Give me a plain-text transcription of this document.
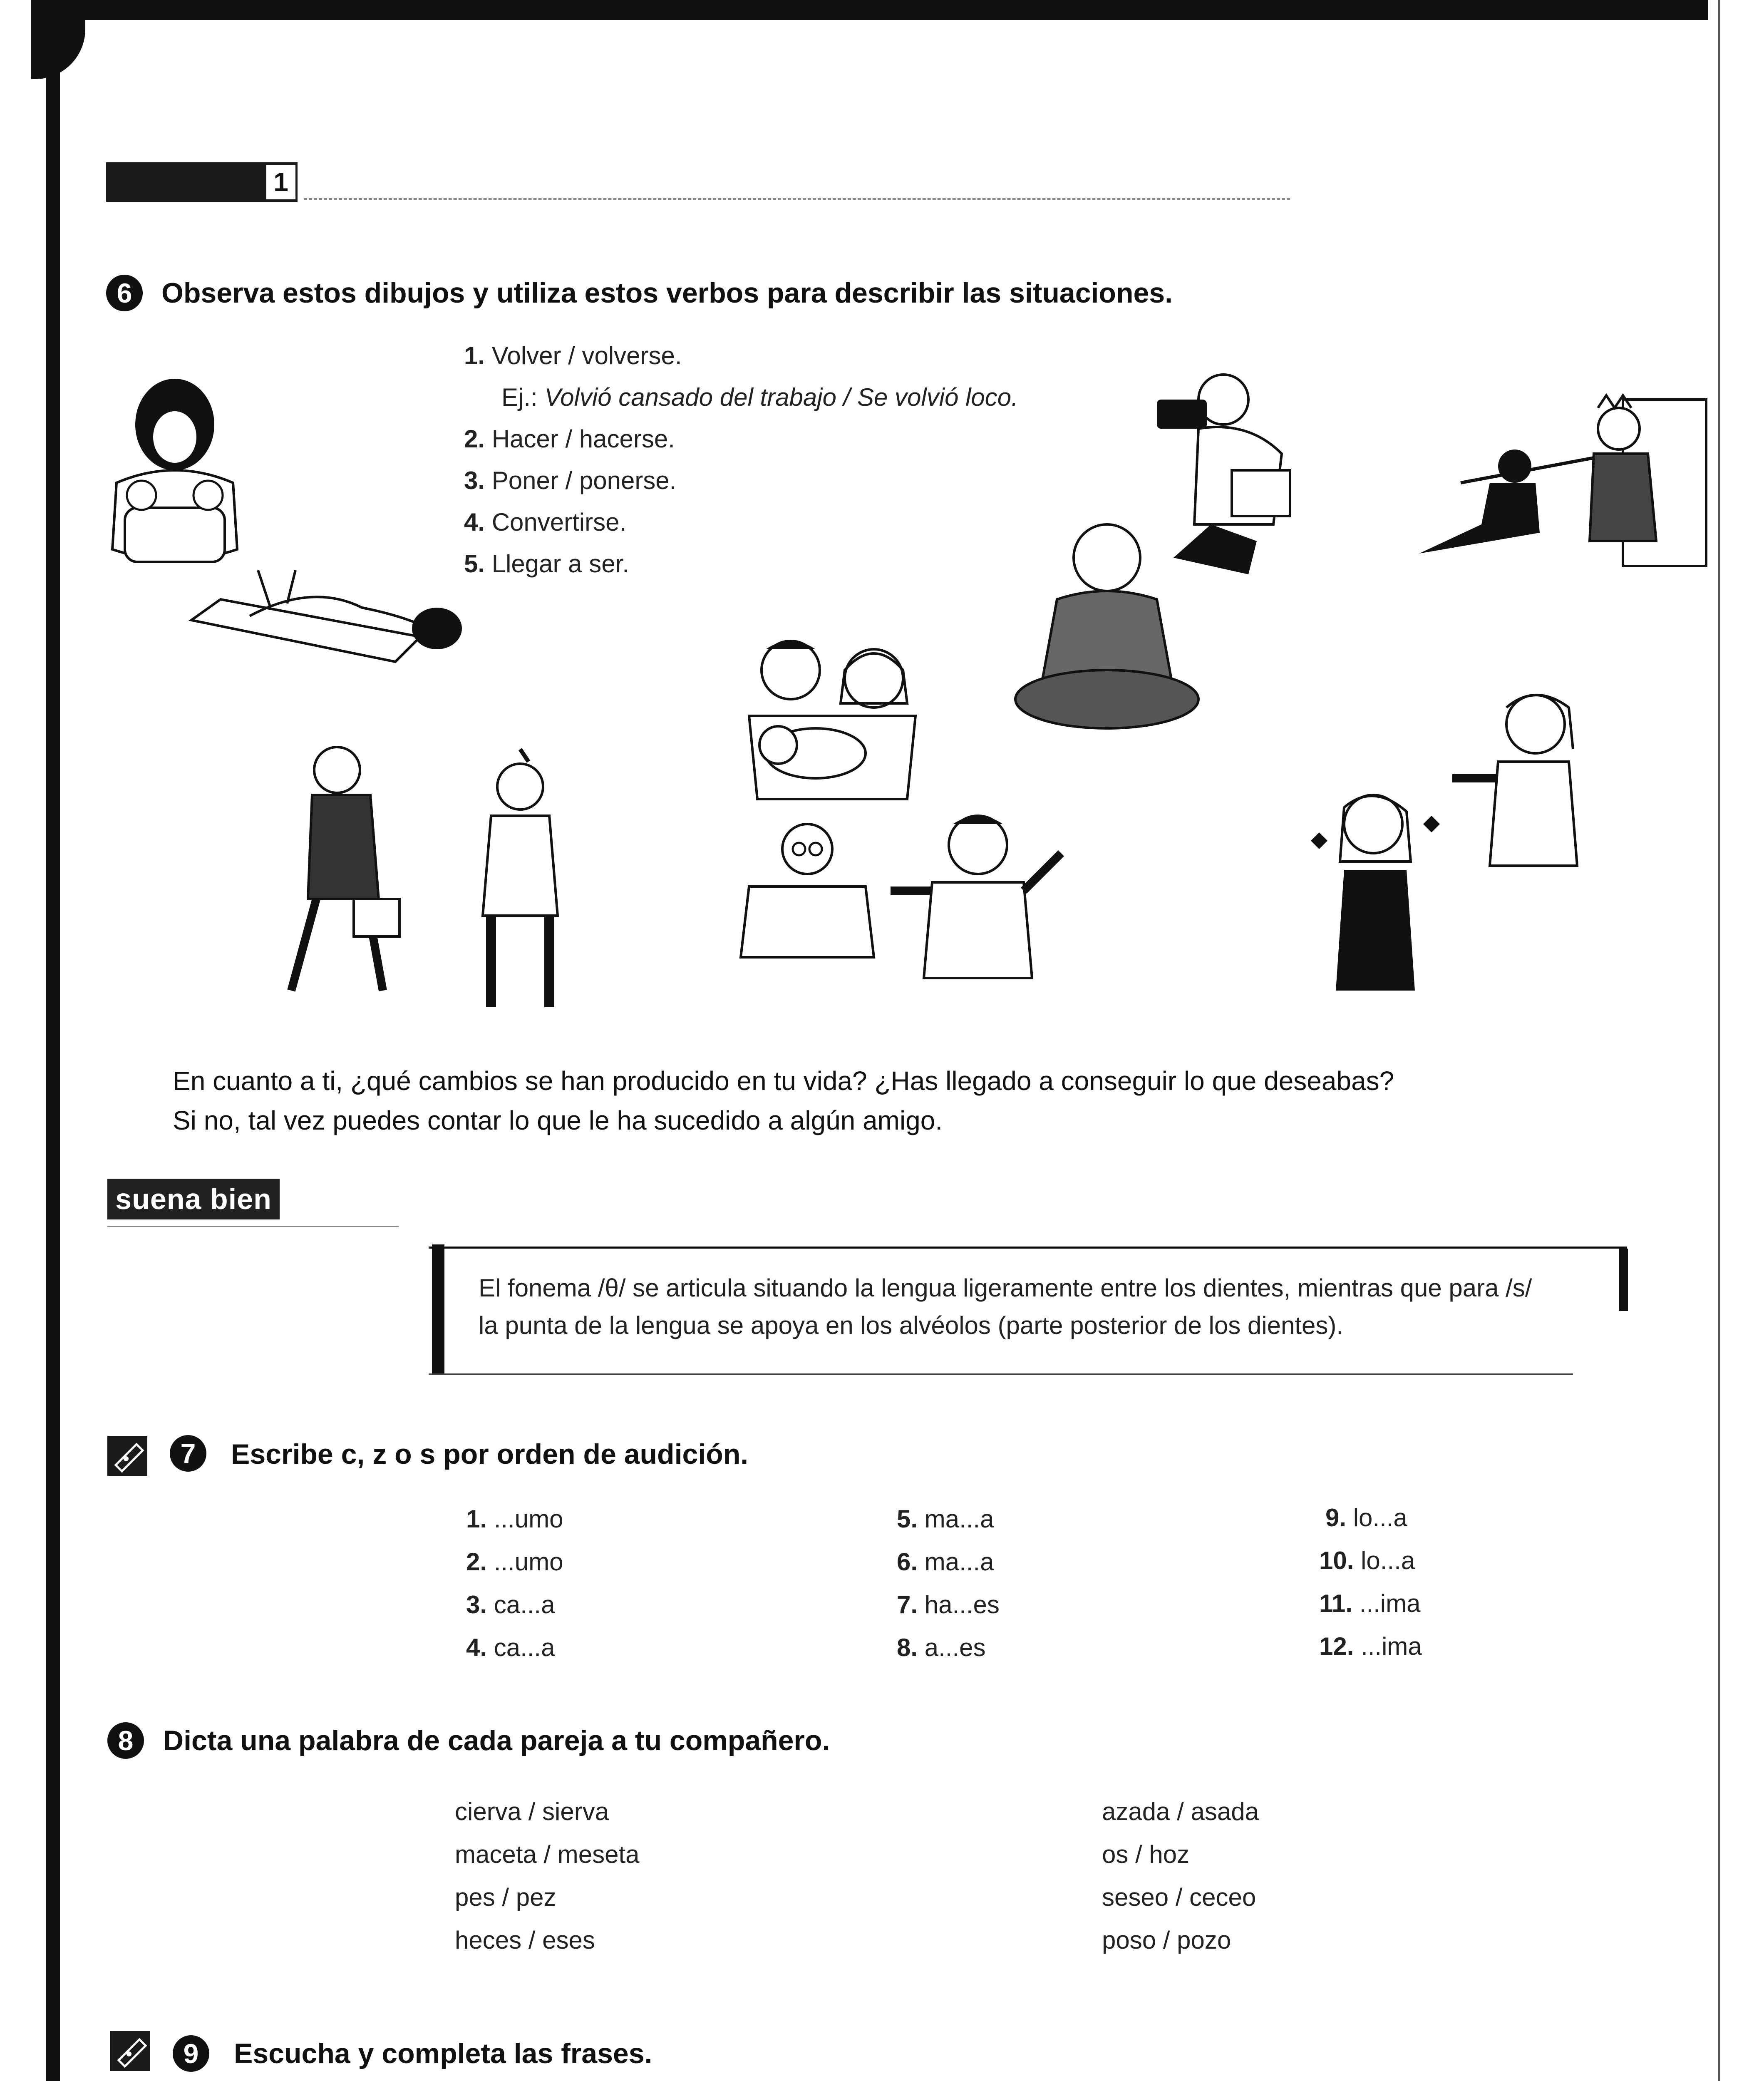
1
6	Observa estos dibujos y utiliza estos verbos para describir las situaciones.
1. Volver / volverse.
Ej.: Volvió cansado del trabajo / Se volvió loco.
2. Hacer / hacerse.
3. Poner / ponerse.
4. Convertirse.
5. Llegar a ser.
En cuanto a ti, ¿qué cambios se han producido en tu vida? ¿Has llegado a conseguir lo que deseabas?
Si no, tal vez puedes contar lo que le ha sucedido a algún amigo.
suena bien
El fonema /θ/ se articula situando la lengua ligeramente entre los dientes, mientras que para /s/
la punta de la lengua se apoya en los alvéolos (parte posterior de los dientes).
7	Escribe c, z o s por orden de audición.
1. ...umo
2. ...umo
3. ca...a
4. ca...a
5. ma...a
6. ma...a
7. ha...es
8. a...es
9. lo...a
10. lo...a
11. ...ima
12. ...ima
8	Dicta una palabra de cada pareja a tu compañero.
cierva / sierva
maceta / meseta
pes / pez
heces / eses
azada / asada
os / hoz
seseo / ceceo
poso / pozo
9	Escucha y completa las frases.
